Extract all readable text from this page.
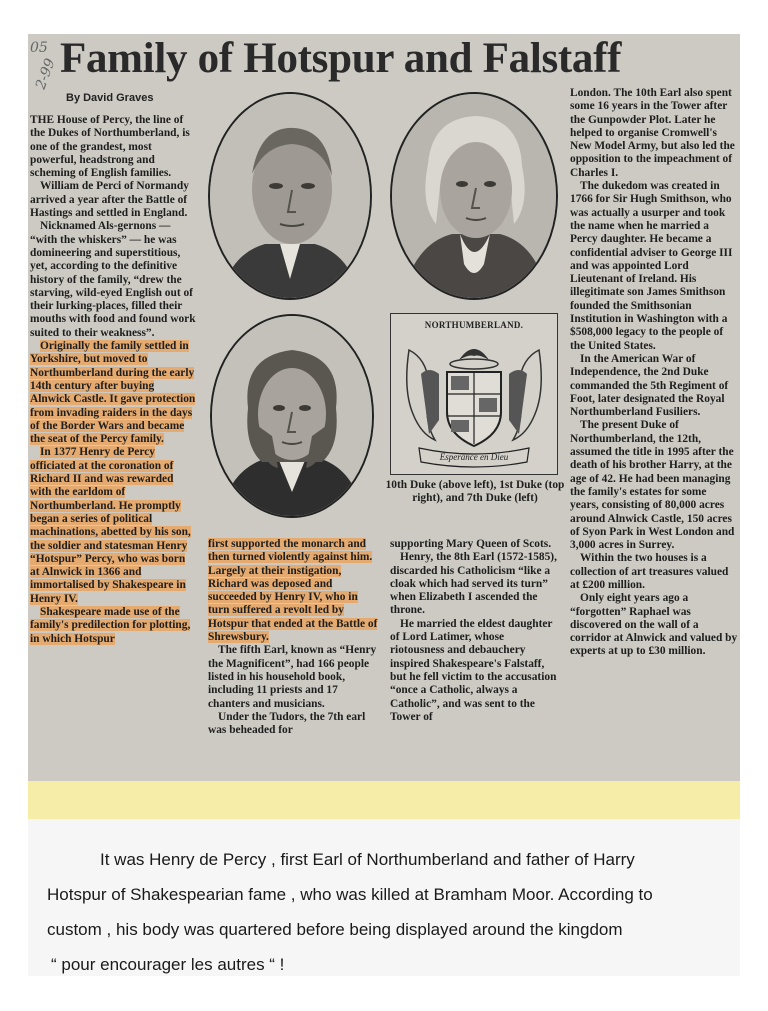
05
2-99 Family of Hotspur and Falstaff
By David Graves

THE House of Percy, the line of the Dukes of Northumberland, is one of the grandest, most powerful, headstrong and scheming of English families.

William de Perci of Normandy arrived a year after the Battle of Hastings and settled in England.

Nicknamed Als-gernons — “with the whiskers” — he was domineering and superstitious, yet, according to the definitive history of the family, “drew the starving, wild-eyed English out of their lurking-places, filled their mouths with food and found work suited to their weakness”.

Originally the family settled in Yorkshire, but moved to Northumberland during the early 14th century after buying Alnwick Castle. It gave protection from invading raiders in the days of the Border Wars and became the seat of the Percy family.

In 1377 Henry de Percy officiated at the coronation of Richard II and was rewarded with the earldom of Northumberland. He promptly began a series of political machinations, abetted by his son, the soldier and statesman Henry “Hotspur” Percy, who was born at Alnwick in 1366 and immortalised by Shakespeare in Henry IV.

Shakespeare made use of the family's predilection for plotting, in which Hotspur

NORTHUMBERLAND.
Esperance en Dieu
10th Duke (above left), 1st Duke (top right), and 7th Duke (left)

first supported the monarch and then turned violently against him. Largely at their instigation, Richard was deposed and succeeded by Henry IV, who in turn suffered a revolt led by Hotspur that ended at the Battle of Shrewsbury.

The fifth Earl, known as “Henry the Magnificent”, had 166 people listed in his household book, including 11 priests and 17 chanters and musicians.

Under the Tudors, the 7th earl was beheaded for

supporting Mary Queen of Scots.

Henry, the 8th Earl (1572-1585), discarded his Catholicism “like a cloak which had served its turn” when Elizabeth I ascended the throne.

He married the eldest daughter of Lord Latimer, whose riotousness and debauchery inspired Shakespeare's Falstaff, but he fell victim to the accusation “once a Catholic, always a Catholic”, and was sent to the Tower of

London. The 10th Earl also spent some 16 years in the Tower after the Gunpowder Plot. Later he helped to organise Cromwell's New Model Army, but also led the opposition to the impeachment of Charles I.

The dukedom was created in 1766 for Sir Hugh Smithson, who was actually a usurper and took the name when he married a Percy daughter. He became a confidential adviser to George III and was appointed Lord Lieutenant of Ireland. His illegitimate son James Smithson founded the Smithsonian Institution in Washington with a $508,000 legacy to the people of the United States.

In the American War of Independence, the 2nd Duke commanded the 5th Regiment of Foot, later designated the Royal Northumberland Fusiliers.

The present Duke of Northumberland, the 12th, assumed the title in 1995 after the death of his brother Harry, at the age of 42. He had been managing the family's estates for some years, consisting of 80,000 acres around Alnwick Castle, 150 acres of Syon Park in West London and 3,000 acres in Surrey.

Within the two houses is a collection of art treasures valued at £200 million.

Only eight years ago a “forgotten” Raphael was discovered on the wall of a corridor at Alnwick and valued by experts at up to £30 million.

It was Henry de Percy , first Earl of Northumberland and father of Harry
Hotspur of Shakespearian fame , who was killed at Bramham Moor. According to
custom , his body was quartered before being displayed around the kingdom
“ pour encourager les autres “ !
